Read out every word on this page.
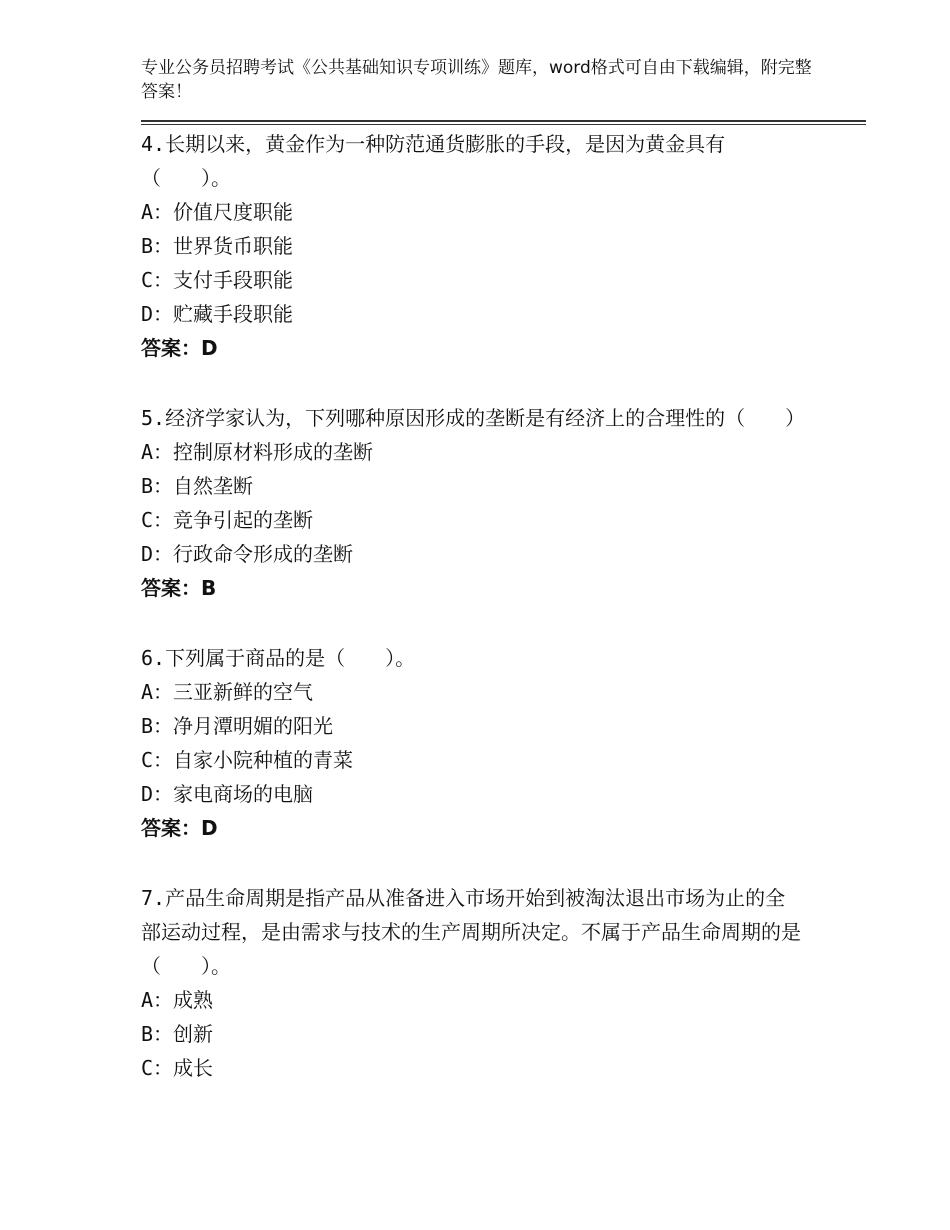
专业公务员招聘考试《公共基础知识专项训练》题库，word格式可自由下载编辑，附完整答案！
4.长期以来，黄金作为一种防范通货膨胀的手段，是因为黄金具有（　　）。
A：价值尺度职能
B：世界货币职能
C：支付手段职能
D：贮藏手段职能
答案：D
5.经济学家认为，下列哪种原因形成的垄断是有经济上的合理性的（　　）
A：控制原材料形成的垄断
B：自然垄断
C：竞争引起的垄断
D：行政命令形成的垄断
答案：B
6.下列属于商品的是（　　）。
A：三亚新鲜的空气
B：净月潭明媚的阳光
C：自家小院种植的青菜
D：家电商场的电脑
答案：D
7.产品生命周期是指产品从准备进入市场开始到被淘汰退出市场为止的全部运动过程，是由需求与技术的生产周期所决定。不属于产品生命周期的是（　　）。
A：成熟
B：创新
C：成长
